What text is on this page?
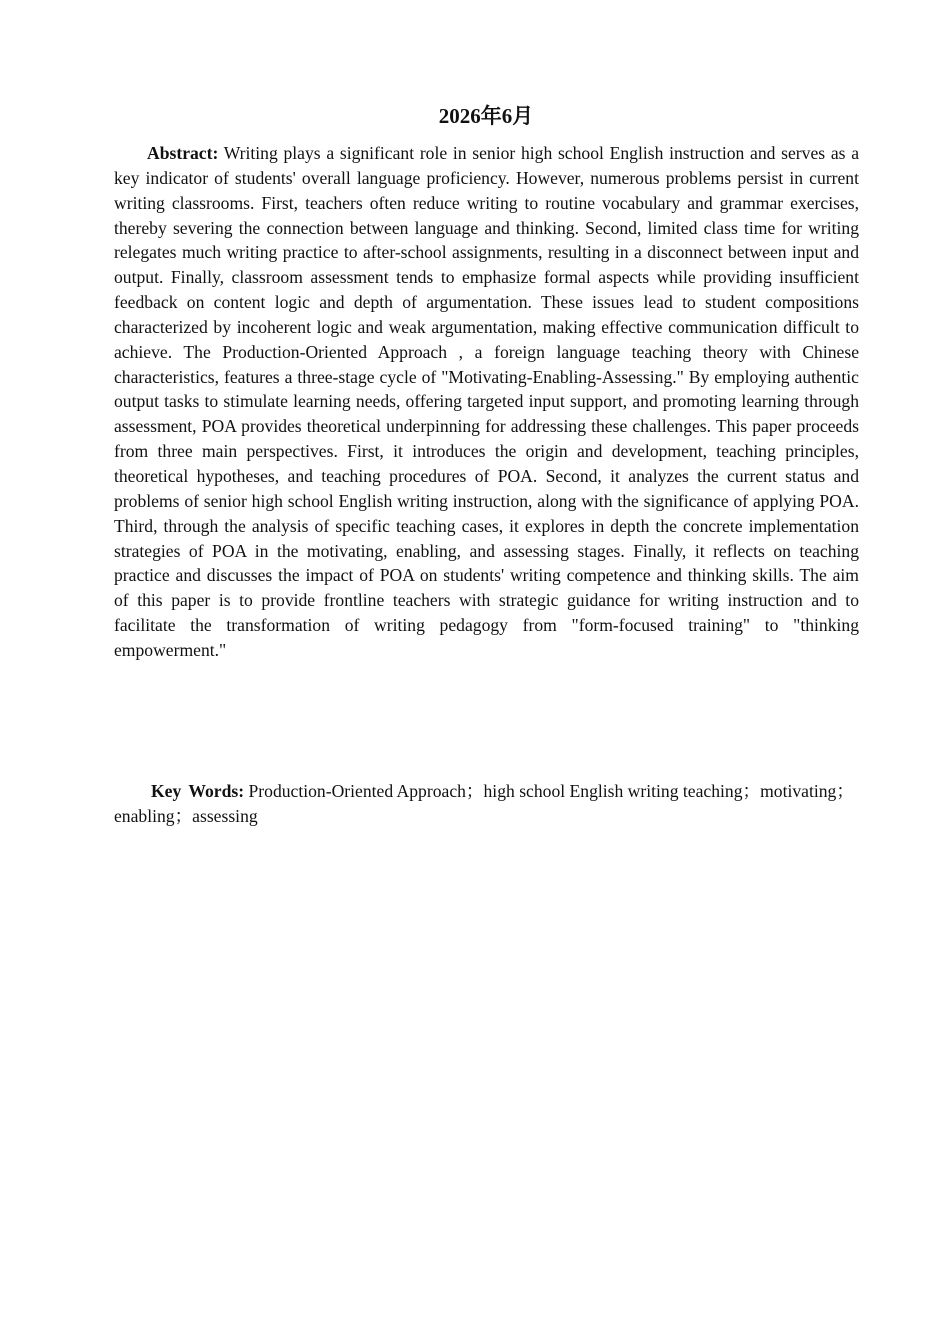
2026年6月

Abstract: Writing plays a significant role in senior high school English instruction and serves as a key indicator of students' overall language proficiency. However, numerous problems persist in current writing classrooms. First, teachers often reduce writing to routine vocabulary and grammar exercises, thereby severing the connection between language and thinking. Second, limited class time for writing relegates much writing practice to after-school assignments, resulting in a disconnect between input and output. Finally, classroom assessment tends to emphasize formal aspects while providing insufficient feedback on content logic and depth of argumentation. These issues lead to student compositions characterized by incoherent logic and weak argumentation, making effective communication difficult to achieve. The Production-Oriented Approach , a foreign language teaching theory with Chinese characteristics, features a three-stage cycle of "Motivating-Enabling-Assessing." By employing authentic output tasks to stimulate learning needs, offering targeted input support, and promoting learning through assessment, POA provides theoretical underpinning for addressing these challenges. This paper proceeds from three main perspectives. First, it introduces the origin and development, teaching principles, theoretical hypotheses, and teaching procedures of POA. Second, it analyzes the current status and problems of senior high school English writing instruction, along with the significance of applying POA. Third, through the analysis of specific teaching cases, it explores in depth the concrete implementation strategies of POA in the motivating, enabling, and assessing stages. Finally, it reflects on teaching practice and discusses the impact of POA on students' writing competence and thinking skills. The aim of this paper is to provide frontline teachers with strategic guidance for writing instruction and to facilitate the transformation of writing pedagogy from "form-focused training" to "thinking empowerment."

Key Words: Production-Oriented Approach；high school English writing teaching；motivating；enabling；assessing
